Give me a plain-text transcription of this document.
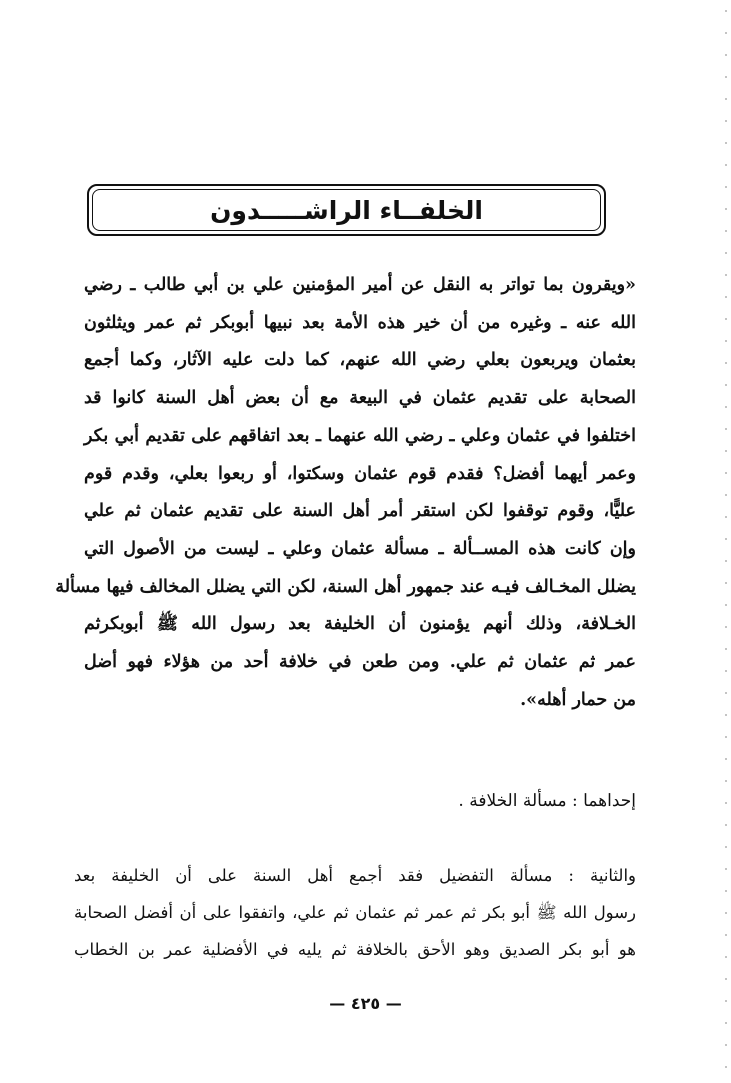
الخلفــاء الراشـــــدون
«ويقرون بما تواتر به النقل عن أمير المؤمنين علي بن أبي طالب ـ رضي
الله عنه ـ وغيره من أن خير هذه الأمة بعد نبيها أبوبكر ثم عمر ويثلثون
بعثمان ويربعون بعلي رضي الله عنهم، كما دلت عليه الآثار، وكما أجمع
الصحابة على تقديم عثمان في البيعة مع أن بعض أهل السنة كانوا قد
اختلفوا في عثمان وعلي ـ رضي الله عنهما ـ بعد اتفاقهم على تقديم أبي بكر
وعمر أيهما أفضل؟ فقدم قوم عثمان وسكتوا، أو ربعوا بعلي، وقدم قوم
عليًّا، وقوم توقفوا لكن استقر أمر أهل السنة على تقديم عثمان ثم علي
وإن كانت هذه المســألة ـ مسألة عثمان وعلي ـ ليست من الأصول التي
يضلل المخـالف فيـه عند جمهور أهل السنة، لكن التي يضلل المخالف فيها مسألة
الخـلافة، وذلك أنهم يؤمنون أن الخليفة بعد رسول الله ﷺ أبوبكرثم
عمر ثم عثمان ثم علي. ومن طعن في خلافة أحد من هؤلاء فهو أضل
من حمار أهله».
إحداهما : مسألة الخلافة .
والثانية : مسألة التفضيل فقد أجمع أهل السنة على أن الخليفة بعد
رسول الله ﷺ أبو بكر ثم عمر ثم عثمان ثم علي، واتفقوا على أن أفضل الصحابة
هو أبو بكر الصديق وهو الأحق بالخلافة ثم يليه في الأفضلية عمر بن الخطاب
— ٤٢٥ —
